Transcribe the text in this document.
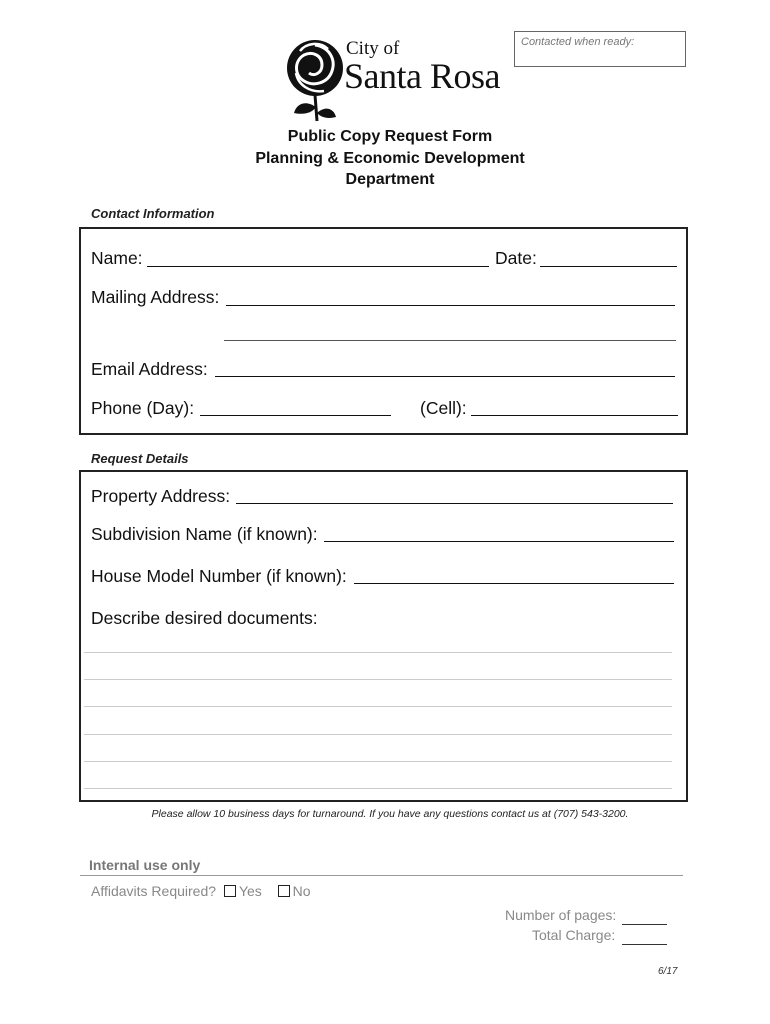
City of
Santa Rosa
Contacted when ready:
Public Copy Request Form
Planning & Economic Development
Department
Contact Information
Name:	Date:
Mailing Address:
Email Address:
Phone (Day):	(Cell):
Request Details
Property Address:
Subdivision Name (if known):
House Model Number (if known):
Describe desired documents:
Please allow 10 business days for turnaround. If you have any questions contact us at (707) 543-3200.
Internal use only
Affidavits Required? Yes No
Number of pages:
Total Charge:
6/17
